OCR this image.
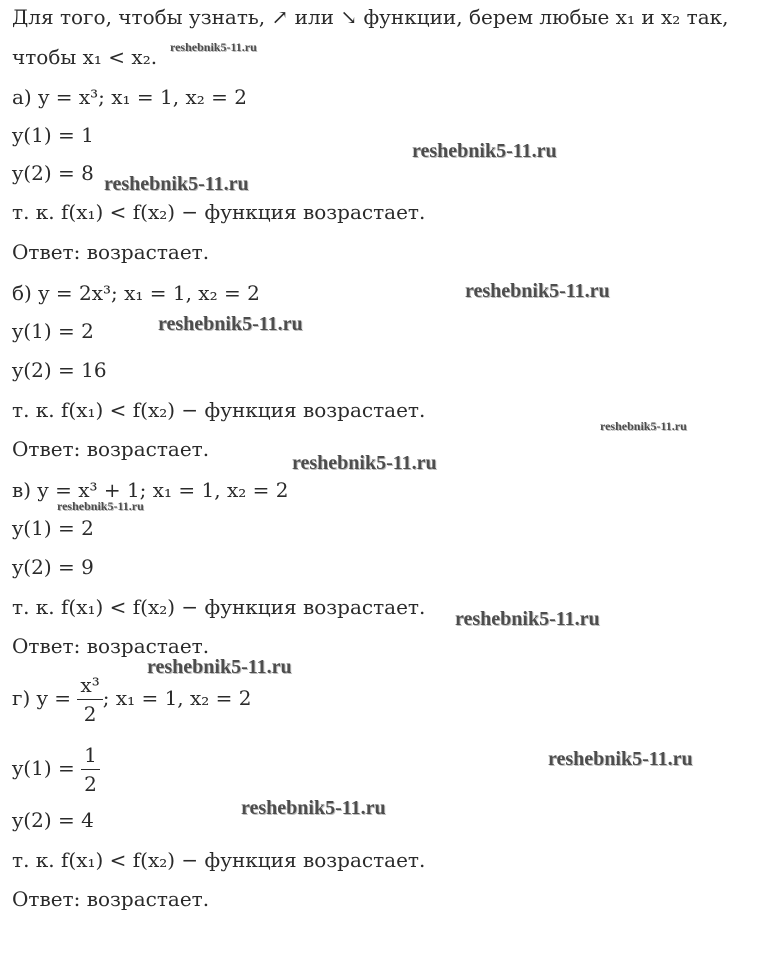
Для того, чтобы узнать, ↗ или ↘ функции, берем любые x₁ и x₂ так,
чтобы x₁ < x₂.
а) y = x³; x₁ = 1, x₂ = 2
y(1) = 1
y(2) = 8
т. к. f(x₁) < f(x₂) − функция возрастает.
Ответ: возрастает.
б) y = 2x³; x₁ = 1, x₂ = 2
y(1) = 2
y(2) = 16
т. к. f(x₁) < f(x₂) − функция возрастает.
Ответ: возрастает.
в) y = x³ + 1; x₁ = 1, x₂ = 2
y(1) = 2
y(2) = 9
т. к. f(x₁) < f(x₂) − функция возрастает.
Ответ: возрастает.
г) $y = \frac{\text{x³}}{2}$ ; x₁ = 1, x₂ = 2
$y(1) = \frac{1}{2}$
y(2) = 4
т. к. f(x₁) < f(x₂) − функция возрастает.
Ответ: возрастает.
reshebnik5-11.ru
reshebnik5-11.ru
reshebnik5-11.ru
reshebnik5-11.ru
reshebnik5-11.ru
reshebnik5-11.ru
reshebnik5-11.ru
reshebnik5-11.ru
reshebnik5-11.ru
reshebnik5-11.ru
reshebnik5-11.ru
reshebnik5-11.ru
